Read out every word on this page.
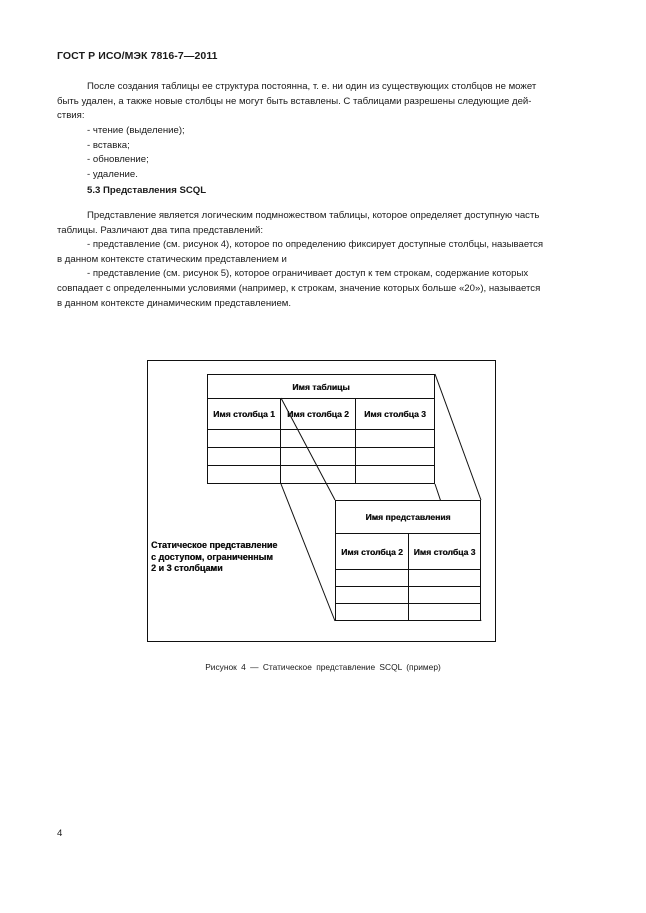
ГОСТ Р ИСО/МЭК 7816-7—2011
После создания таблицы ее структура постоянна, т. е. ни один из существующих столбцов не может
быть удален, а также новые столбцы не могут быть вставлены. С таблицами разрешены следующие дей-
ствия:
- чтение (выделение);
- вставка;
- обновление;
- удаление.
5.3 Представления SCQL
Представление является логическим подмножеством таблицы, которое определяет доступную часть
таблицы. Различают два типа представлений:
- представление (см. рисунок 4), которое по определению фиксирует доступные столбцы, называется
в данном контексте статическим представлением и
- представление (см. рисунок 5), которое ограничивает доступ к тем строкам, содержание которых
совпадает с определенными условиями (например, к строкам, значение которых больше «20»), называется
в данном контексте динамическим представлением.
Имя таблицы
Имя столбца 1	Имя столбца 2	Имя столбца 3
Имя представления
Имя столбца 2	Имя столбца 3
Статическое представление
с доступом, ограниченным
2 и 3 столбцами
Рисунок 4 — Статическое представление SCQL (пример)
4
